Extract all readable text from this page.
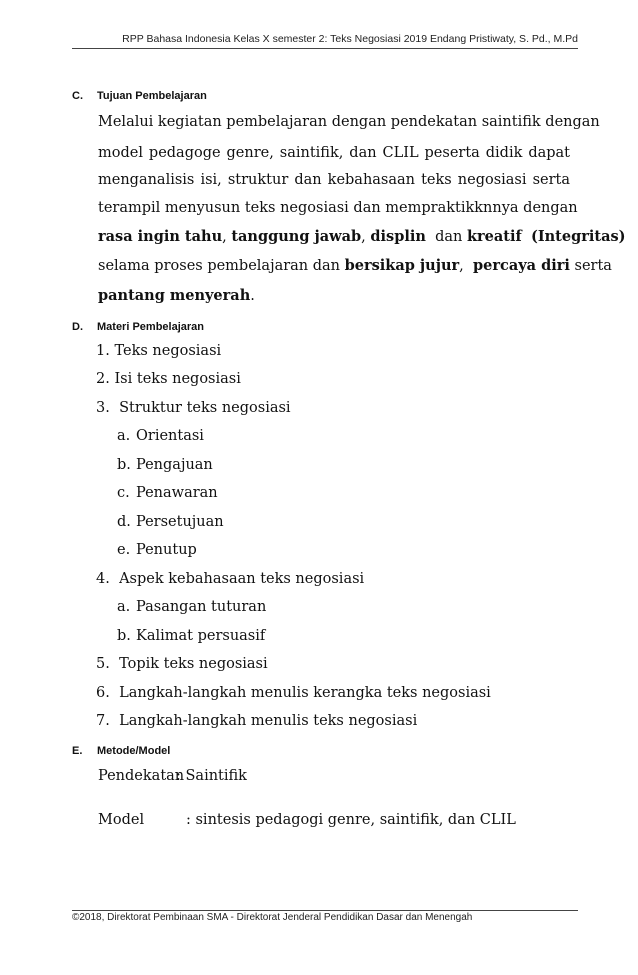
RPP Bahasa Indonesia Kelas X semester 2: Teks Negosiasi 2019 Endang Pristiwaty, S. Pd., M.Pd
C. Tujuan Pembelajaran
Melalui kegiatan pembelajaran dengan pendekatan saintifik dengan
model pedagoge genre, saintifik, dan CLIL peserta didik dapat
menganalisis isi, struktur dan kebahasaan teks negosiasi serta
terampil menyusun teks negosiasi dan mempraktikknnya dengan
rasa ingin tahu, tanggung jawab, displin  dan kreatif (Integritas)
selama proses pembelajaran dan bersikap jujur,  percaya diri serta
pantang menyerah.
D. Materi Pembelajaran
1. Teks negosiasi
2. Isi teks negosiasi
3. Struktur teks negosiasi
a. Orientasi
b. Pengajuan
c. Penawaran
d. Persetujuan
e. Penutup
4. Aspek kebahasaan teks negosiasi
a. Pasangan tuturan
b. Kalimat persuasif
5. Topik teks negosiasi
6. Langkah-langkah menulis kerangka teks negosiasi
7. Langkah-langkah menulis teks negosiasi
E. Metode/Model
Pendekatan: Saintifik
Model	: sintesis pedagogi genre, saintifik, dan CLIL
©2018, Direktorat Pembinaan SMA - Direktorat Jenderal Pendidikan Dasar dan Menengah
